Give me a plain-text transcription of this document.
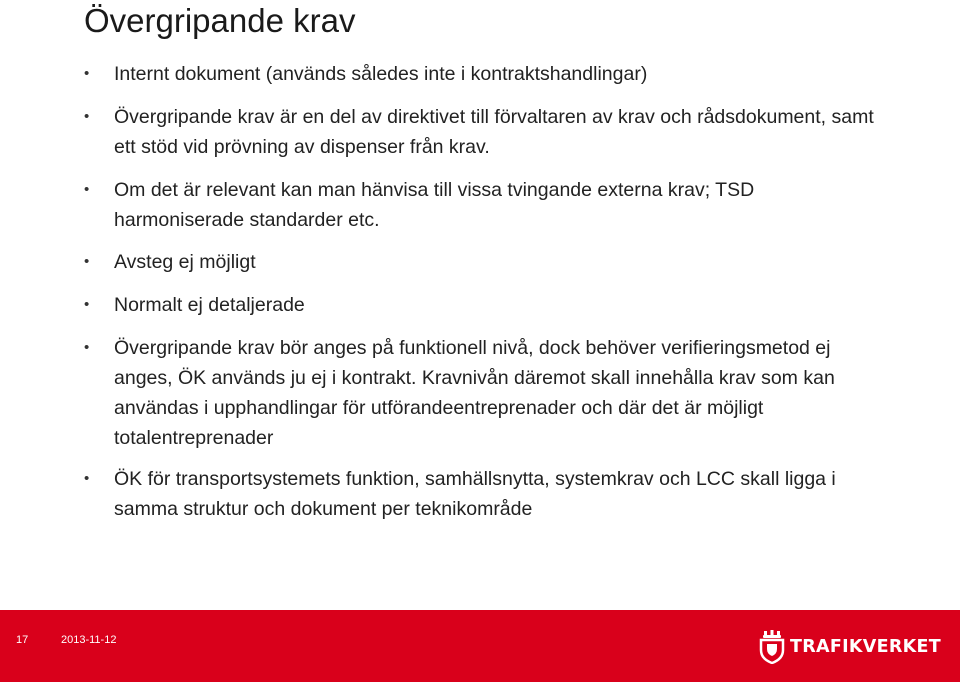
Övergripande krav
• Internt dokument (används således inte i kontraktshandlingar)
• Övergripande krav är en del av direktivet till förvaltaren av krav och rådsdokument, samt ett stöd vid prövning av dispenser från krav.
• Om det är relevant kan man hänvisa till vissa tvingande externa krav; TSD harmoniserade standarder etc.
• Avsteg ej möjligt
• Normalt ej detaljerade
• Övergripande krav bör anges på funktionell nivå, dock behöver verifieringsmetod ej anges, ÖK används ju ej i kontrakt. Kravnivån däremot skall innehålla krav som kan användas i upphandlingar för utförandeentreprenader och där det är möjligt totalentreprenader
• ÖK för transportsystemets funktion, samhällsnytta, systemkrav och LCC skall ligga i samma struktur och dokument per teknikområde
17	2013-11-12	TRAFIKVERKET
